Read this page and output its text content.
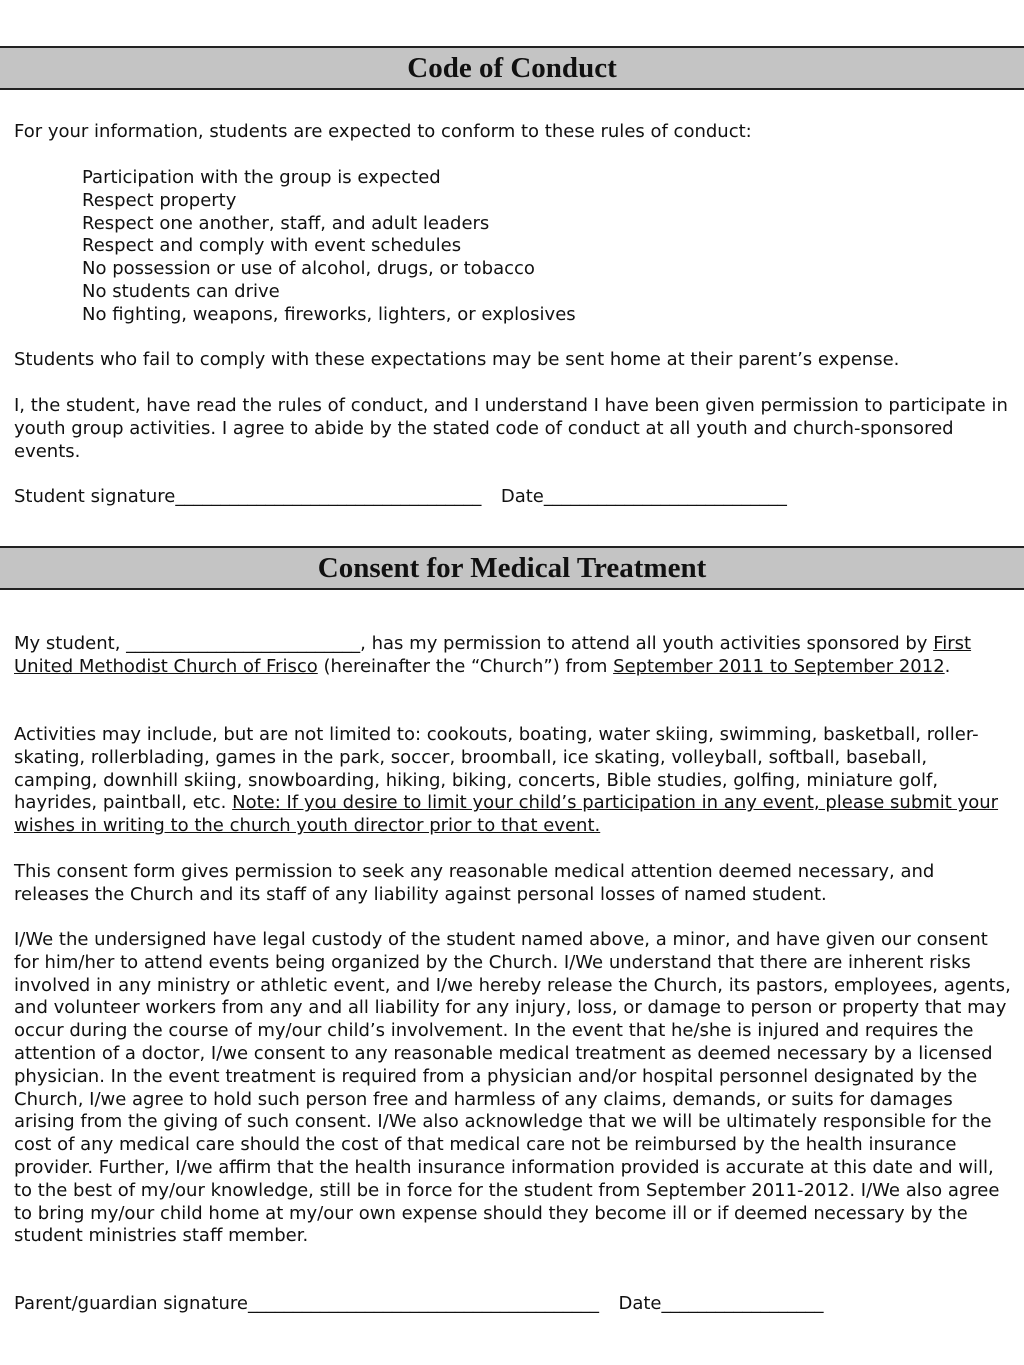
Code of Conduct

For your information, students are expected to conform to these rules of conduct:

Participation with the group is expected
Respect property
Respect one another, staff, and adult leaders
Respect and comply with event schedules
No possession or use of alcohol, drugs, or tobacco
No students can drive
No fighting, weapons, fireworks, lighters, or explosives

Students who fail to comply with these expectations may be sent home at their parent’s expense.

I, the student, have read the rules of conduct, and I understand I have been given permission to participate in youth group activities. I agree to abide by the stated code of conduct at all youth and church-sponsored events.

Student signature__________________________________ Date___________________________
Consent for Medical Treatment

My student, __________________________, has my permission to attend all youth activities sponsored by First United Methodist Church of Frisco (hereinafter the “Church”) from September 2011 to September 2012.

Activities may include, but are not limited to: cookouts, boating, water skiing, swimming, basketball, roller-skating, rollerblading, games in the park, soccer, broomball, ice skating, volleyball, softball, baseball, camping, downhill skiing, snowboarding, hiking, biking, concerts, Bible studies, golfing, miniature golf, hayrides, paintball, etc. Note: If you desire to limit your child’s participation in any event, please submit your wishes in writing to the church youth director prior to that event.

This consent form gives permission to seek any reasonable medical attention deemed necessary, and releases the Church and its staff of any liability against personal losses of named student.

I/We the undersigned have legal custody of the student named above, a minor, and have given our consent for him/her to attend events being organized by the Church. I/We understand that there are inherent risks involved in any ministry or athletic event, and I/we hereby release the Church, its pastors, employees, agents, and volunteer workers from any and all liability for any injury, loss, or damage to person or property that may occur during the course of my/our child’s involvement. In the event that he/she is injured and requires the attention of a doctor, I/we consent to any reasonable medical treatment as deemed necessary by a licensed physician. In the event treatment is required from a physician and/or hospital personnel designated by the Church, I/we agree to hold such person free and harmless of any claims, demands, or suits for damages arising from the giving of such consent. I/We also acknowledge that we will be ultimately responsible for the cost of any medical care should the cost of that medical care not be reimbursed by the health insurance provider. Further, I/we affirm that the health insurance information provided is accurate at this date and will, to the best of my/our knowledge, still be in force for the student from September 2011-2012. I/We also agree to bring my/our child home at my/our own expense should they become ill or if deemed necessary by the student ministries staff member.

Parent/guardian signature_______________________________________ Date__________________
